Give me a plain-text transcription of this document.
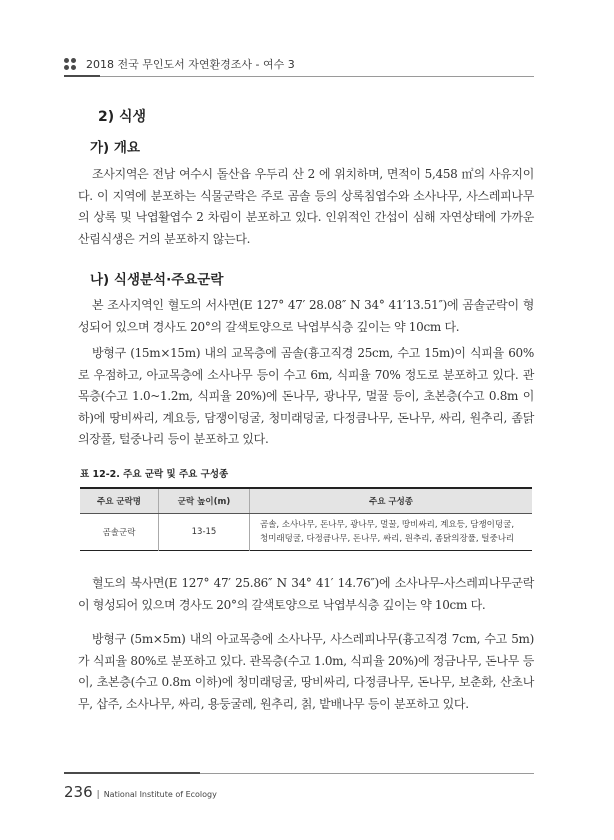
2018 전국 무인도서 자연환경조사 - 여수 3
2) 식생
가) 개요
조사지역은 전남 여수시 돌산읍 우두리 산 2 에 위치하며, 면적이 5,458 ㎡의 사유지이다. 이 지역에 분포하는 식물군락은 주로 곰솔 등의 상록침엽수와 소사나무, 사스레피나무의 상록 및 낙엽활엽수 2 차림이 분포하고 있다. 인위적인 간섭이 심해 자연상태에 가까운 산림식생은 거의 분포하지 않는다.
나) 식생분석·주요군락
본 조사지역인 혈도의 서사면(E 127° 47′ 28.08″ N 34° 41′13.51″)에 곰솔군락이 형성되어 있으며 경사도 20°의 갈색토양으로 낙엽부식층 깊이는 약 10cm 다.
방형구 (15m×15m) 내의 교목층에 곰솔(흉고직경 25cm, 수고 15m)이 식피율 60% 로 우점하고, 아교목층에 소사나무 등이 수고 6m, 식피율 70% 정도로 분포하고 있다. 관목층(수고 1.0~1.2m, 식피율 20%)에 돈나무, 광나무, 멀꿀 등이, 초본층(수고 0.8m 이하)에 땅비싸리, 계요등, 담쟁이덩굴, 청미래덩굴, 다정큼나무, 돈나무, 싸리, 원추리, 좀닭의장풀, 털중나리 등이 분포하고 있다.
표 12-2. 주요 군락 및 주요 구성종
주요 군락명	군락 높이(m)	주요 구성종
곰솔군락	13-15	곰솔, 소사나무, 돈나무, 광나무, 멀꿀, 땅비싸리, 계요등, 담쟁이덩굴,
청미래덩굴, 다정큼나무, 돈나무, 싸리, 원추리, 좀닭의장풀, 털중나리
혈도의 북사면(E 127° 47′ 25.86″ N 34° 41′ 14.76″)에 소사나무-사스레피나무군락이 형성되어 있으며 경사도 20°의 갈색토양으로 낙엽부식층 깊이는 약 10cm 다.
방형구 (5m×5m) 내의 아교목층에 소사나무, 사스레피나무(흉고직경 7cm, 수고 5m) 가 식피율 80%로 분포하고 있다. 관목층(수고 1.0m, 식피율 20%)에 정금나무, 돈나무 등이, 초본층(수고 0.8m 이하)에 청미래덩굴, 땅비싸리, 다정큼나무, 돈나무, 보춘화, 산초나무, 삽주, 소사나무, 싸리, 용둥굴레, 원추리, 칡, 밭배나무 등이 분포하고 있다.
236 | National Institute of Ecology
